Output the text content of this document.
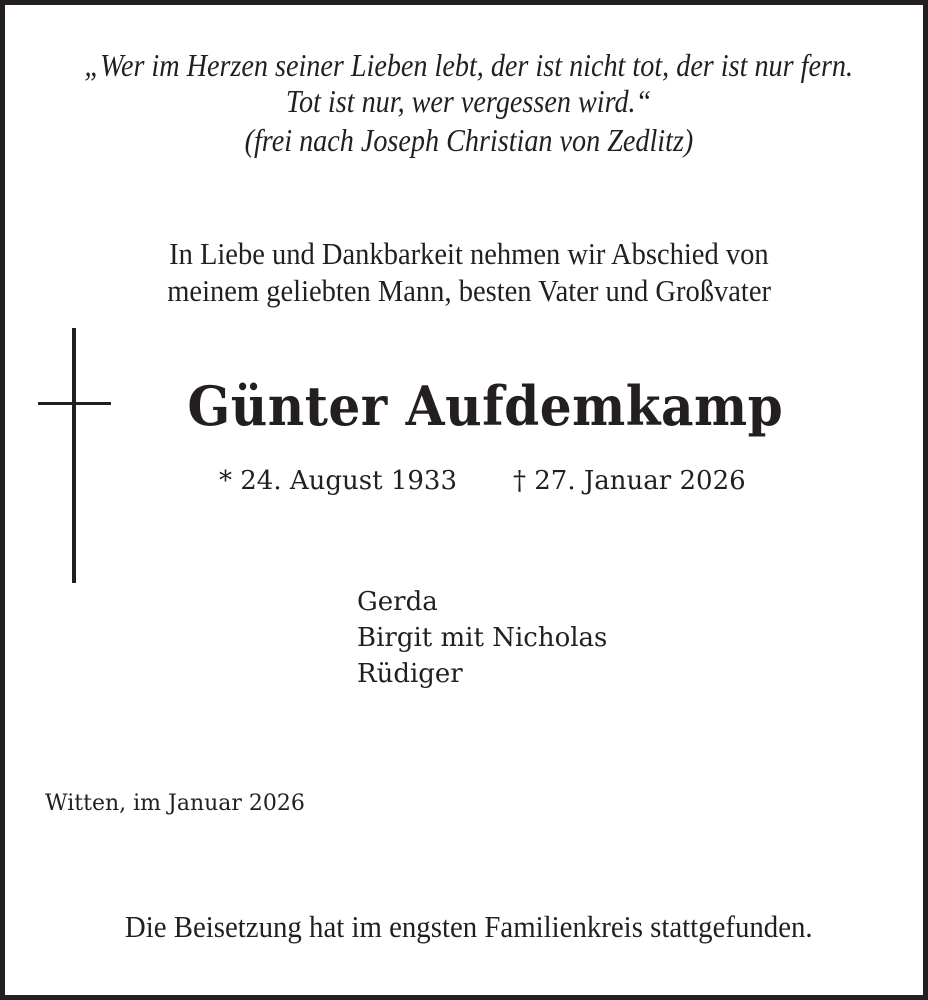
„Wer im Herzen seiner Lieben lebt, der ist nicht tot, der ist nur fern.
Tot ist nur, wer vergessen wird.“
(frei nach Joseph Christian von Zedlitz)
In Liebe und Dankbarkeit nehmen wir Abschied von
meinem geliebten Mann, besten Vater und Großvater
Günter Aufdemkamp
* 24. August 1933 † 27. Januar 2026
Gerda
Birgit mit Nicholas
Rüdiger
Witten, im Januar 2026
Die Beisetzung hat im engsten Familienkreis stattgefunden.
